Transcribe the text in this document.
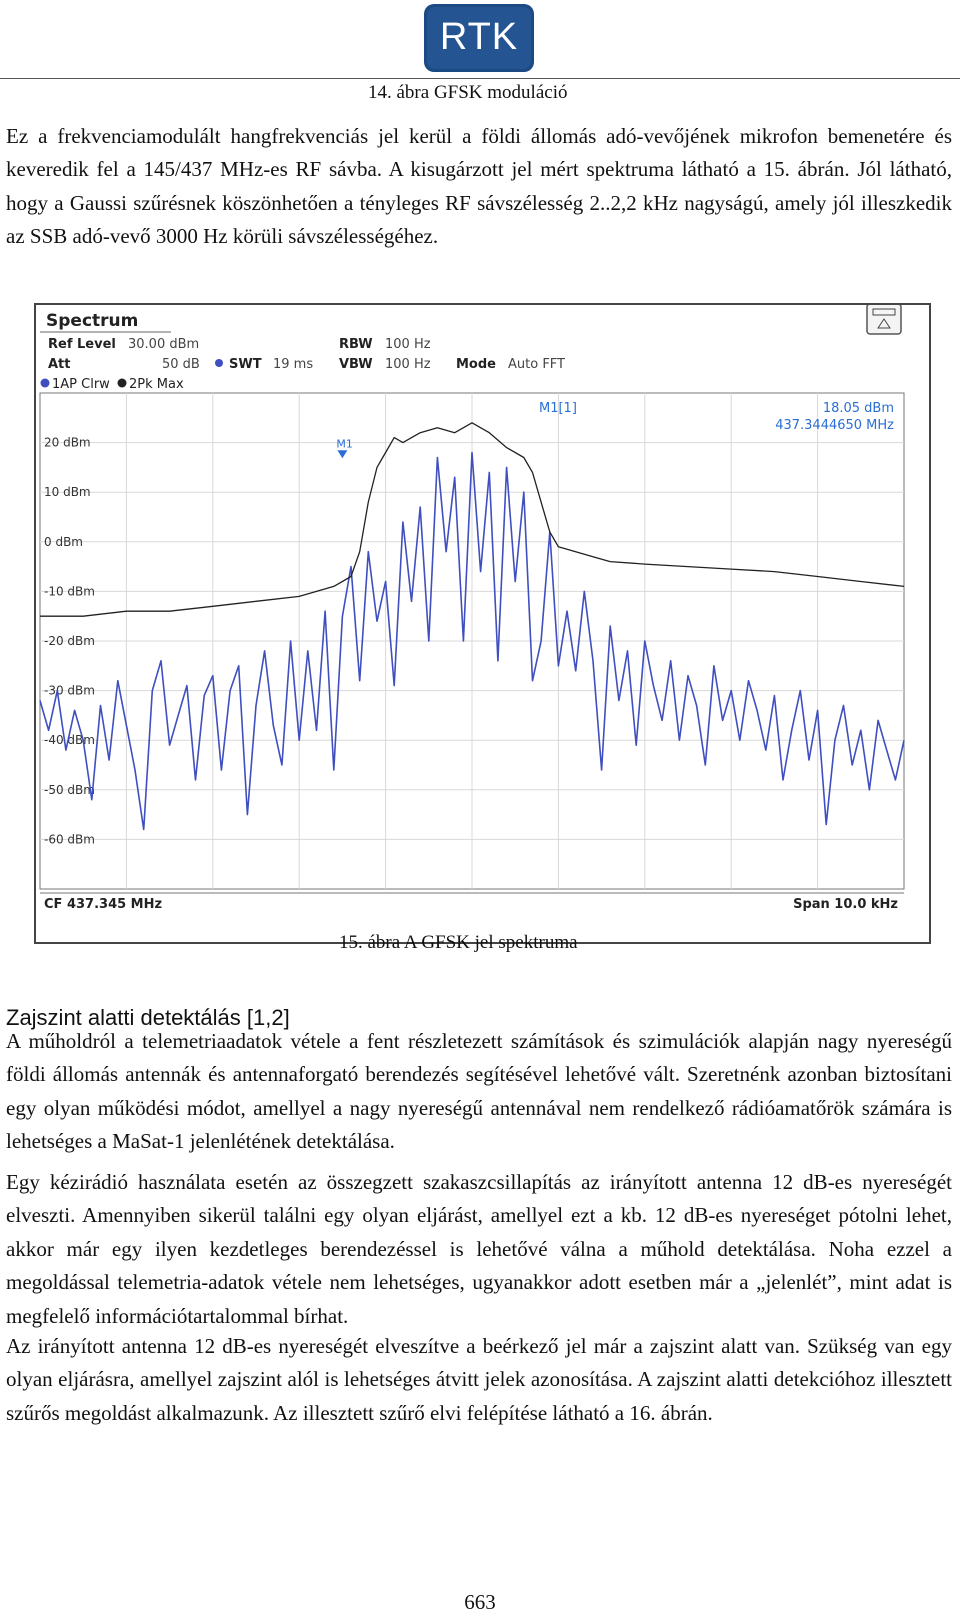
RTK
14. ábra GFSK moduláció
Ez a frekvenciamodulált hangfrekvenciás jel kerül a földi állomás adó-vevőjének mikrofon bemenetére és keveredik fel a 145/437 MHz-es RF sávba. A kisugárzott jel mért spektruma látható a 15. ábrán. Jól látható, hogy a Gaussi szűrésnek köszönhetően a tényleges RF sávszélesség 2..2,2 kHz nagyságú, amely jól illeszkedik az SSB adó-vevő 3000 Hz körüli sávszélességéhez.
Spectrum
Ref Level 30.00 dBm
Att	50 dB SWT 19 ms
RBW 100 Hz
VBW 100 Hz Mode Auto FFT
1AP Clrw 2Pk Max
20 dBm
10 dBm
0 dBm
-10 dBm
-20 dBm
-30 dBm
-40 dBm
-50 dBm
-60 dBm
M1[1]	18.05 dBm
437.3444650 MHz
M1
CF 437.345 MHz	Span 10.0 kHz
15. ábra A GFSK jel spektruma
Zajszint alatti detektálás [1,2]
A műholdról a telemetriaadatok vétele a fent részletezett számítások és szimulációk alapján nagy nyereségű földi állomás antennák és antennaforgató berendezés segítésével lehetővé vált. Szeretnénk azonban biztosítani egy olyan működési módot, amellyel a nagy nyereségű antennával nem rendelkező rádióamatőrök számára is lehetséges a MaSat-1 jelenlétének detektálása.
Egy kézirádió használata esetén az összegzett szakaszcsillapítás az irányított antenna 12 dB-es nyereségét elveszti. Amennyiben sikerül találni egy olyan eljárást, amellyel ezt a kb. 12 dB-es nyereséget pótolni lehet, akkor már egy ilyen kezdetleges berendezéssel is lehetővé válna a műhold detektálása. Noha ezzel a megoldással telemetria-adatok vétele nem lehetséges, ugyanakkor adott esetben már a „jelenlét”, mint adat is megfelelő információtartalommal bírhat.
Az irányított antenna 12 dB-es nyereségét elveszítve a beérkező jel már a zajszint alatt van. Szükség van egy olyan eljárásra, amellyel zajszint alól is lehetséges átvitt jelek azonosítása. A zajszint alatti detekcióhoz illesztett szűrős megoldást alkalmazunk. Az illesztett szűrő elvi felépítése látható a 16. ábrán.
663
